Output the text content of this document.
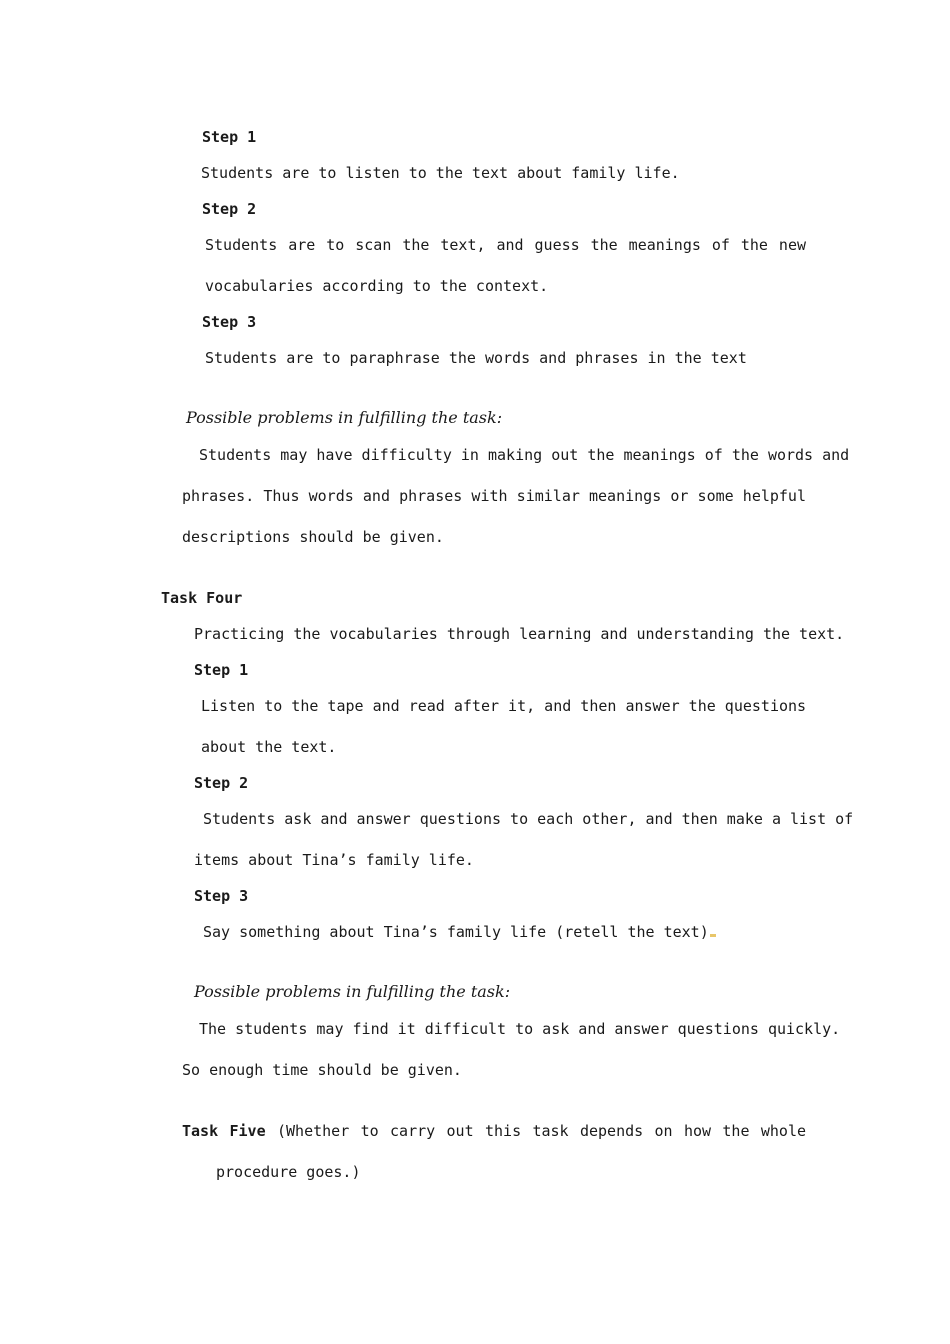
Step 1
Students are to listen to the text about family life.
Step 2
Students are to scan the text, and guess the meanings of the new
vocabularies according to the context.
Step 3
Students are to paraphrase the words and phrases in the text
Possible problems in fulfilling the task:
Students may have difficulty in making out the meanings of the words and
phrases. Thus words and phrases with similar meanings or some helpful
descriptions should be given.
Task Four
Practicing the vocabularies through learning and understanding the text.
Step 1
Listen to the tape and read after it, and then answer the questions
about the text.
Step 2
Students ask and answer questions to each other, and then make a list of
items about Tina’s family life.
Step 3
Say something about Tina’s family life (retell the text)
Possible problems in fulfilling the task:
The students may find it difficult to ask and answer questions quickly.
So enough time should be given.
Task Five (Whether to carry out this task depends on how the whole
procedure goes.)
